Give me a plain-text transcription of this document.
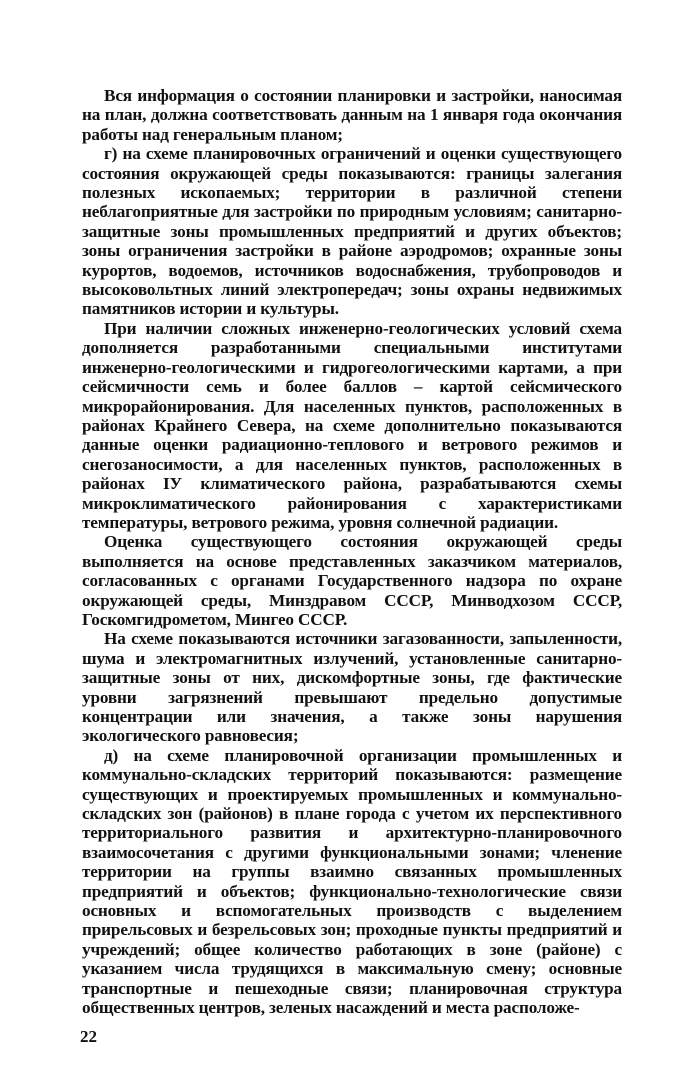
Вся информация о состоянии планировки и застройки, наносимая на план, должна соответствовать данным на 1 января года окончания работы над генеральным планом;

г) на схеме планировочных ограничений и оценки существующего состояния окружающей среды показываются: границы залегания полезных ископаемых; территории в различной степени неблагоприятные для застройки по природным условиям; санитарно-защитные зоны промышленных предприятий и других объектов; зоны ограничения застройки в районе аэродромов; охранные зоны курортов, водоемов, источников водоснабжения, трубопроводов и высоковольтных линий электропередач; зоны охраны недвижимых памятников истории и культуры.

При наличии сложных инженерно-геологических условий схема дополняется разработанными специальными институтами инженерно-геологическими и гидрогеологическими картами, а при сейсмичности семь и более баллов – картой сейсмического микрорайонирования. Для населенных пунктов, расположенных в районах Крайнего Севера, на схеме дополнительно показываются данные оценки радиационно-теплового и ветрового режимов и снегозаносимости, а для населенных пунктов, расположенных в районах IУ климатического района, разрабатываются схемы микроклиматического районирования с характеристиками температуры, ветрового режима, уровня солнечной радиации.

Оценка существующего состояния окружающей среды выполняется на основе представленных заказчиком материалов, согласованных с органами Государственного надзора по охране окружающей среды, Минздравом СССР, Минводхозом СССР, Госкомгидрометом, Мингео СССР.

На схеме показываются источники загазованности, запыленности, шума и электромагнитных излучений, установленные санитарно-защитные зоны от них, дискомфортные зоны, где фактические уровни загрязнений превышают предельно допустимые концентрации или значения, а также зоны нарушения экологического равновесия;

д) на схеме планировочной организации промышленных и коммунально-складских территорий показываются: размещение существующих и проектируемых промышленных и коммунально-складских зон (районов) в плане города с учетом их перспективного территориального развития и архитектурно-планировочного взаимосочетания с другими функциональными зонами; членение территории на группы взаимно связанных промышленных предприятий и объектов; функционально-технологические связи основных и вспомогательных производств с выделением прирельсовых и безрельсовых зон; проходные пункты предприятий и учреждений; общее количество работающих в зоне (районе) с указанием числа трудящихся в максимальную смену; основные транспортные и пешеходные связи; планировочная структура общественных центров, зеленых насаждений и места расположе-

22
